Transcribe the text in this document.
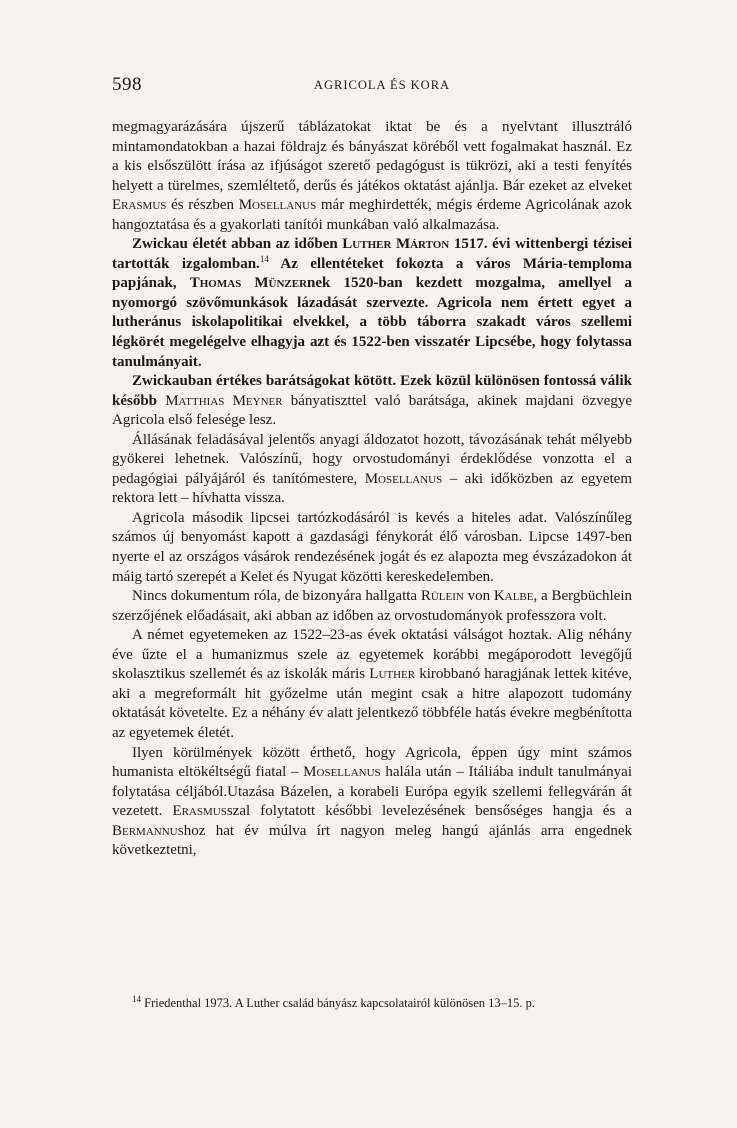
598	AGRICOLA ÉS KORA

megmagyarázására újszerű táblázatokat iktat be és a nyelvtant illusztráló mintamondatokban a hazai földrajz és bányászat köréből vett fogalmakat használ. Ez a kis elsőszülött írása az ifjúságot szerető pedagógust is tükrözi, aki a testi fenyítés helyett a türelmes, szemléltető, derűs és játékos oktatást ajánlja. Bár ezeket az elveket Erasmus és részben Mosellanus már meghirdették, mégis érdeme Agricolának azok hangoztatása és a gyakorlati tanítói munkában való alkalmazása.

Zwickau életét abban az időben Luther Márton 1517. évi wittenbergi tézisei tartották izgalomban.$^{14}$ Az ellentéteket fokozta a város Mária-temploma papjának, Thomas Münzernek 1520-ban kezdett mozgalma, amellyel a nyomorgó szövőmunkások lázadását szervezte. Agricola nem értett egyet a lutheránus iskolapolitikai elvekkel, a több táborra szakadt város szellemi légkörét megelégelve elhagyja azt és 1522-ben visszatér Lipcsébe, hogy folytassa tanulmányait.

Zwickauban értékes barátságokat kötött. Ezek közül különösen fontossá válik később Matthias Meyner bányatiszttel való barátsága, akinek majdani özvegye Agricola első felesége lesz.

Állásának feladásával jelentős anyagi áldozatot hozott, távozásának tehát mélyebb gyökerei lehetnek. Valószínű, hogy orvostudományi érdeklődése vonzotta el a pedagógiai pályájáról és tanítómestere, Mosellanus – aki időközben az egyetem rektora lett – hívhatta vissza.

Agricola második lipcsei tartózkodásáról is kevés a hiteles adat. Valószínűleg számos új benyomást kapott a gazdasági fénykorát élő városban. Lipcse 1497-ben nyerte el az országos vásárok rendezésének jogát és ez alapozta meg évszázadokon át máig tartó szerepét a Kelet és Nyugat közötti kereskedelemben.

Nincs dokumentum róla, de bizonyára hallgatta Rülein von Kalbe, a Bergbüchlein szerzőjének előadásait, aki abban az időben az orvostudományok professzora volt.

A német egyetemeken az 1522–23-as évek oktatási válságot hoztak. Alig néhány éve űzte el a humanizmus szele az egyetemek korábbi megáporodott levegőjű skolasztikus szellemét és az iskolák máris Luther kirobbanó haragjának lettek kitéve, aki a megreformált hit győzelme után megint csak a hitre alapozott tudomány oktatását követelte. Ez a néhány év alatt jelentkező többféle hatás évekre megbénította az egyetemek életét.

Ilyen körülmények között érthető, hogy Agricola, éppen úgy mint számos humanista eltökéltségű fiatal – Mosellanus halála után – Itáliába indult tanulmányai folytatása céljából.Utazása Bázelen, a korabeli Európa egyik szellemi fellegvárán át vezetett. Erasmusszal folytatott későbbi levelezésének bensőséges hangja és a Bermannushoz hat év múlva írt nagyon meleg hangú ajánlás arra engednek következtetni,

$^{14}$ Friedenthal 1973. A Luther család bányász kapcsolatairól különösen 13–15. p.
